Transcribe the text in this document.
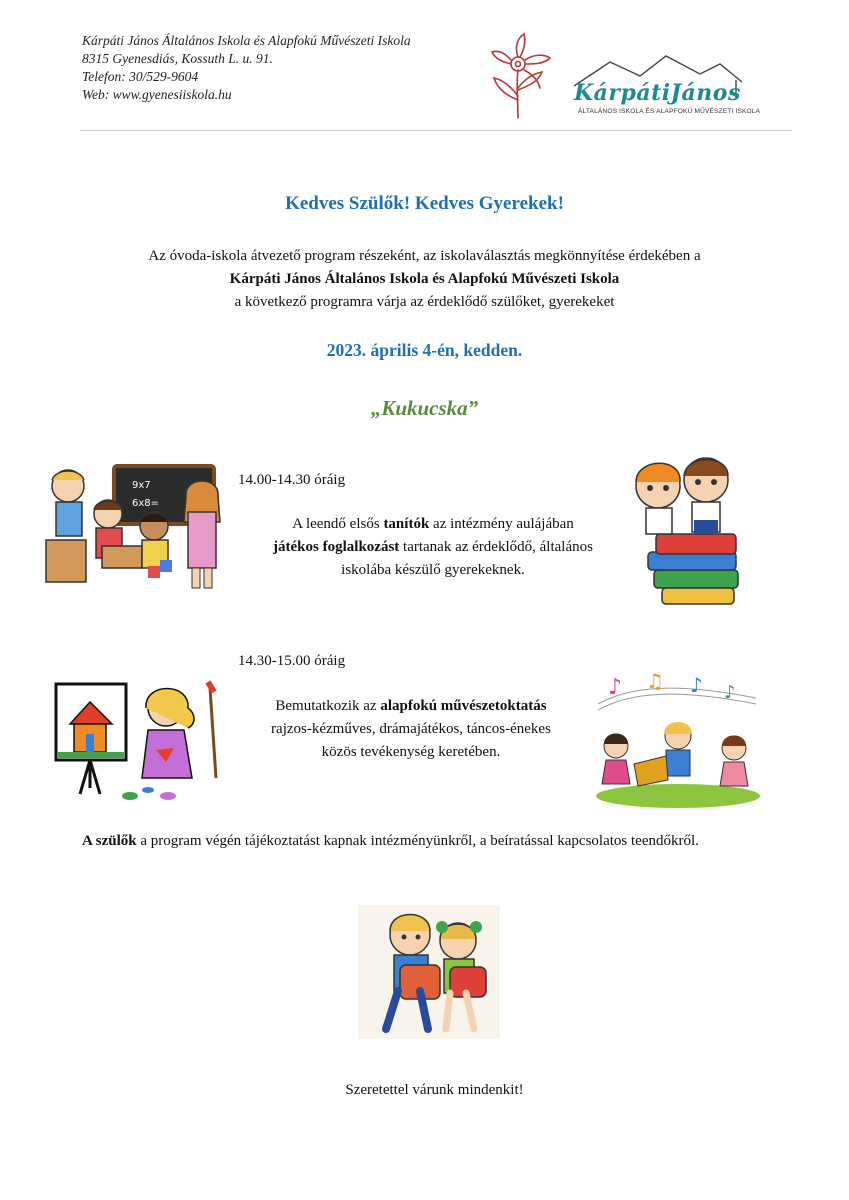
Kárpáti János Általános Iskola és Alapfokú Művészeti Iskola
8315 Gyenesdiás, Kossuth L. u. 91.
Telefon: 30/529-9604
Web: www.gyenesiiskola.hu	KárpátiJános
ÁLTALÁNOS ISKOLA ÉS ALAPFOKÚ MŰVÉSZETI ISKOLA
Kedves Szülők! Kedves Gyerekek!
Az óvoda-iskola átvezető program részeként, az iskolaválasztás megkönnyítése érdekében a
Kárpáti János Általános Iskola és Alapfokú Művészeti Iskola
a következő programra várja az érdeklődő szülőket, gyerekeket
2023. április 4-én, kedden.
„Kukucska”
9x7
6x8=
14.00-14.30 óráig
A leendő elsős tanítók az intézmény aulájában
játékos foglalkozást tartanak az érdeklődő, általános
iskolába készülő gyerekeknek.
14.30-15.00 óráig
Bemutatkozik az alapfokú művészetoktatás
rajzos-kézműves, drámajátékos, táncos-énekes
közös tevékenység keretében.
♪ ♫ ♪ ♪
A szülők a program végén tájékoztatást kapnak intézményünkről, a beíratással kapcsolatos teendőkről.
Szeretettel várunk mindenkit!
